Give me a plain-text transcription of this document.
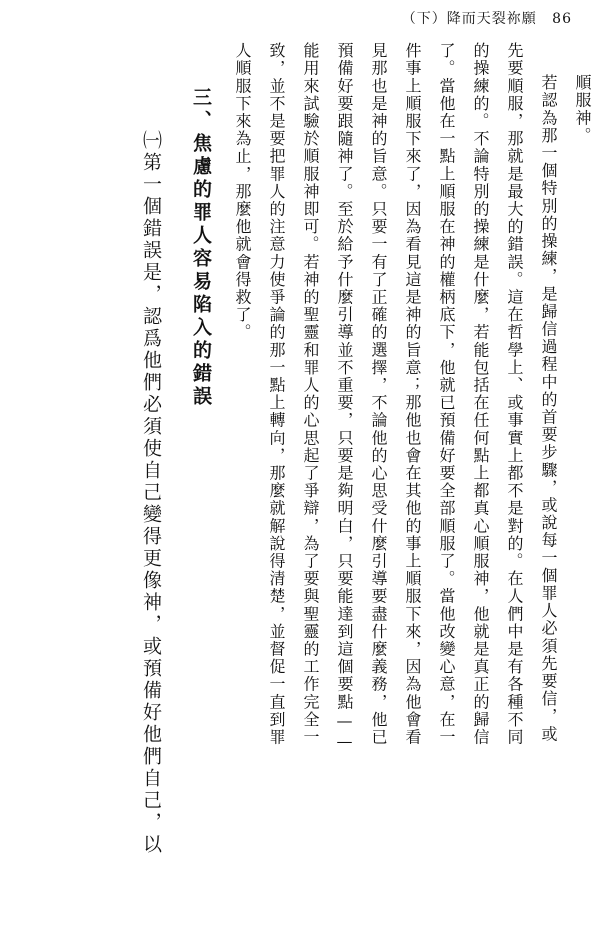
（下）降而天裂祢願 86
順服神。
若認為那一個特別的操練，是歸信過程中的首要步驟，或說每一個罪人必須先要信，或
先要順服，那就是最大的錯誤。這在哲學上、或事實上都不是對的。在人們中是有各種不同
的操練的。不論特別的操練是什麼，若能包括在任何點上都真心順服神，他就是真正的歸信
了。當他在一點上順服在神的權柄底下，他就已預備好要全部順服了。當他改變心意，在一
件事上順服下來了，因為看見這是神的旨意；那他也會在其他的事上順服下來，因為他會看
見那也是神的旨意。只要一有了正確的選擇，不論他的心思受什麼引導要盡什麼義務，他已
預備好要跟隨神了。至於給予什麼引導並不重要，只要是夠明白，只要能達到這個要點——
能用來試驗於順服神即可。若神的聖靈和罪人的心思起了爭辯，為了要與聖靈的工作完全一
致，並不是要把罪人的注意力使爭論的那一點上轉向，那麼就解說得清楚，並督促一直到罪
人順服下來為止，那麼他就會得救了。
三、焦慮的罪人容易陷入的錯誤
㈠第一個錯誤是，認爲他們必須使自己變得更像神，或預備好他們自己，以
